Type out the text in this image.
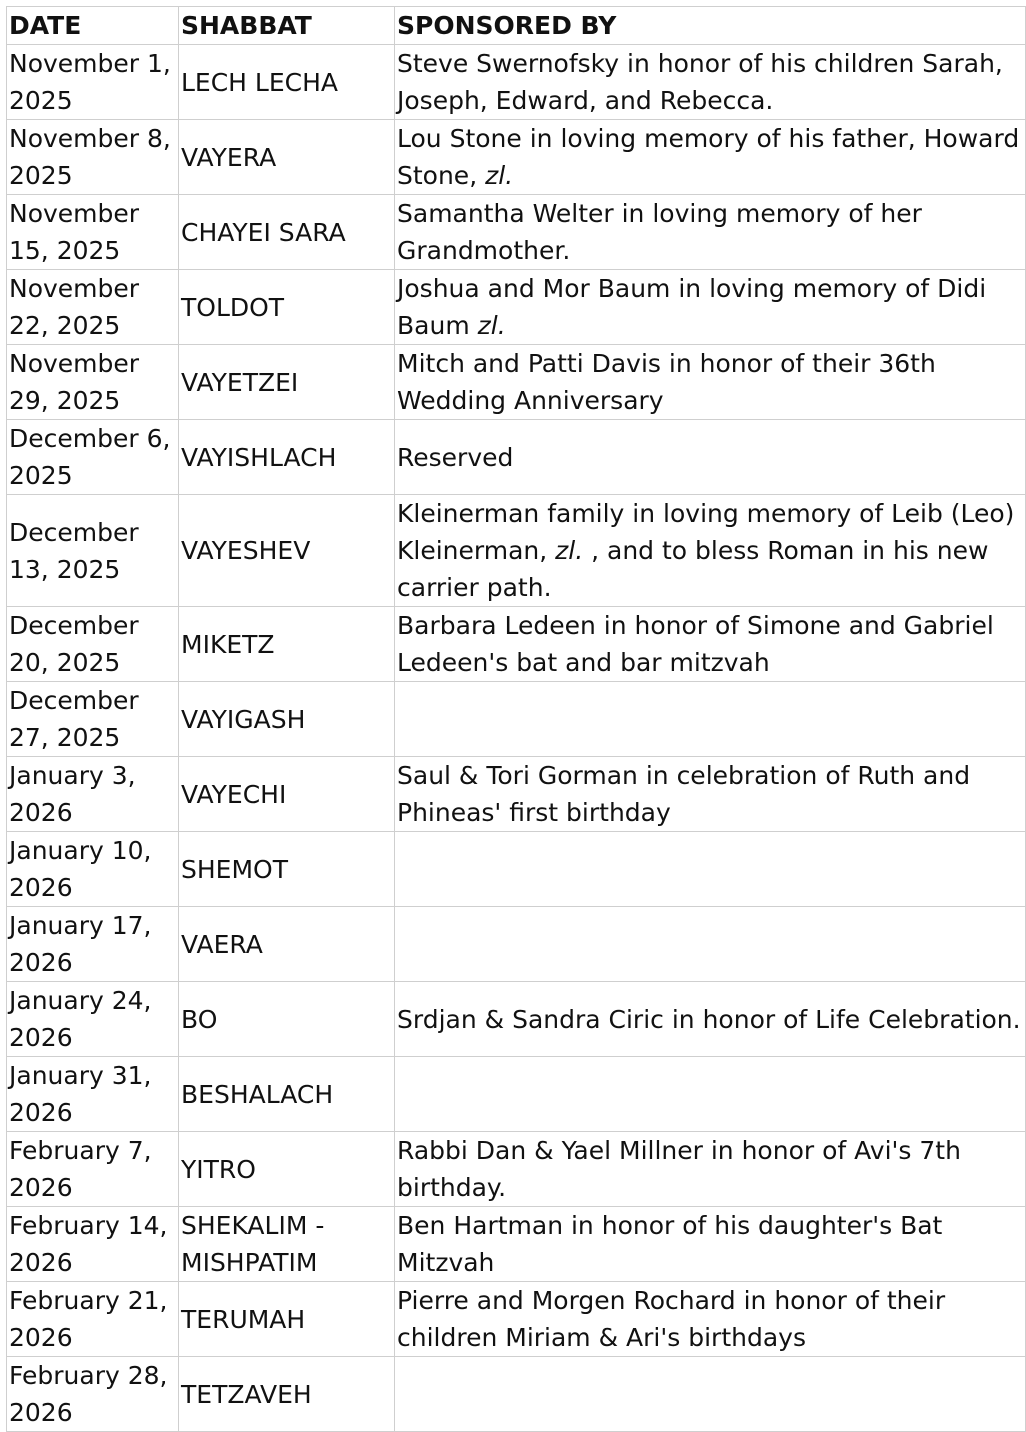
DATE	SHABBAT	SPONSORED BY
November 1, 2025	LECH LECHA	Steve Swernofsky in honor of his children Sarah, Joseph, Edward, and Rebecca.
November 8, 2025	VAYERA	Lou Stone in loving memory of his father, Howard Stone, zl.
November 15, 2025	CHAYEI SARA	Samantha Welter in loving memory of her Grandmother.
November 22, 2025	TOLDOT	Joshua and Mor Baum in loving memory of Didi Baum zl.
November 29, 2025	VAYETZEI	Mitch and Patti Davis in honor of their 36th Wedding Anniversary
December 6, 2025	VAYISHLACH	Reserved
December 13, 2025	VAYESHEV	Kleinerman family in loving memory of Leib (Leo) Kleinerman, zl. , and to bless Roman in his new carrier path.
December 20, 2025	MIKETZ	Barbara Ledeen in honor of Simone and Gabriel Ledeen's bat and bar mitzvah
December 27, 2025	VAYIGASH	
January 3, 2026	VAYECHI	Saul & Tori Gorman in celebration of Ruth and Phineas' first birthday
January 10, 2026	SHEMOT	
January 17, 2026	VAERA	
January 24, 2026	BO	Srdjan & Sandra Ciric in honor of Life Celebration.
January 31, 2026	BESHALACH	
February 7, 2026	YITRO	Rabbi Dan & Yael Millner in honor of Avi's 7th birthday.
February 14, 2026	SHEKALIM - MISHPATIM	Ben Hartman in honor of his daughter's Bat Mitzvah
February 21, 2026	TERUMAH	Pierre and Morgen Rochard in honor of their children Miriam & Ari's birthdays
February 28, 2026	TETZAVEH	
